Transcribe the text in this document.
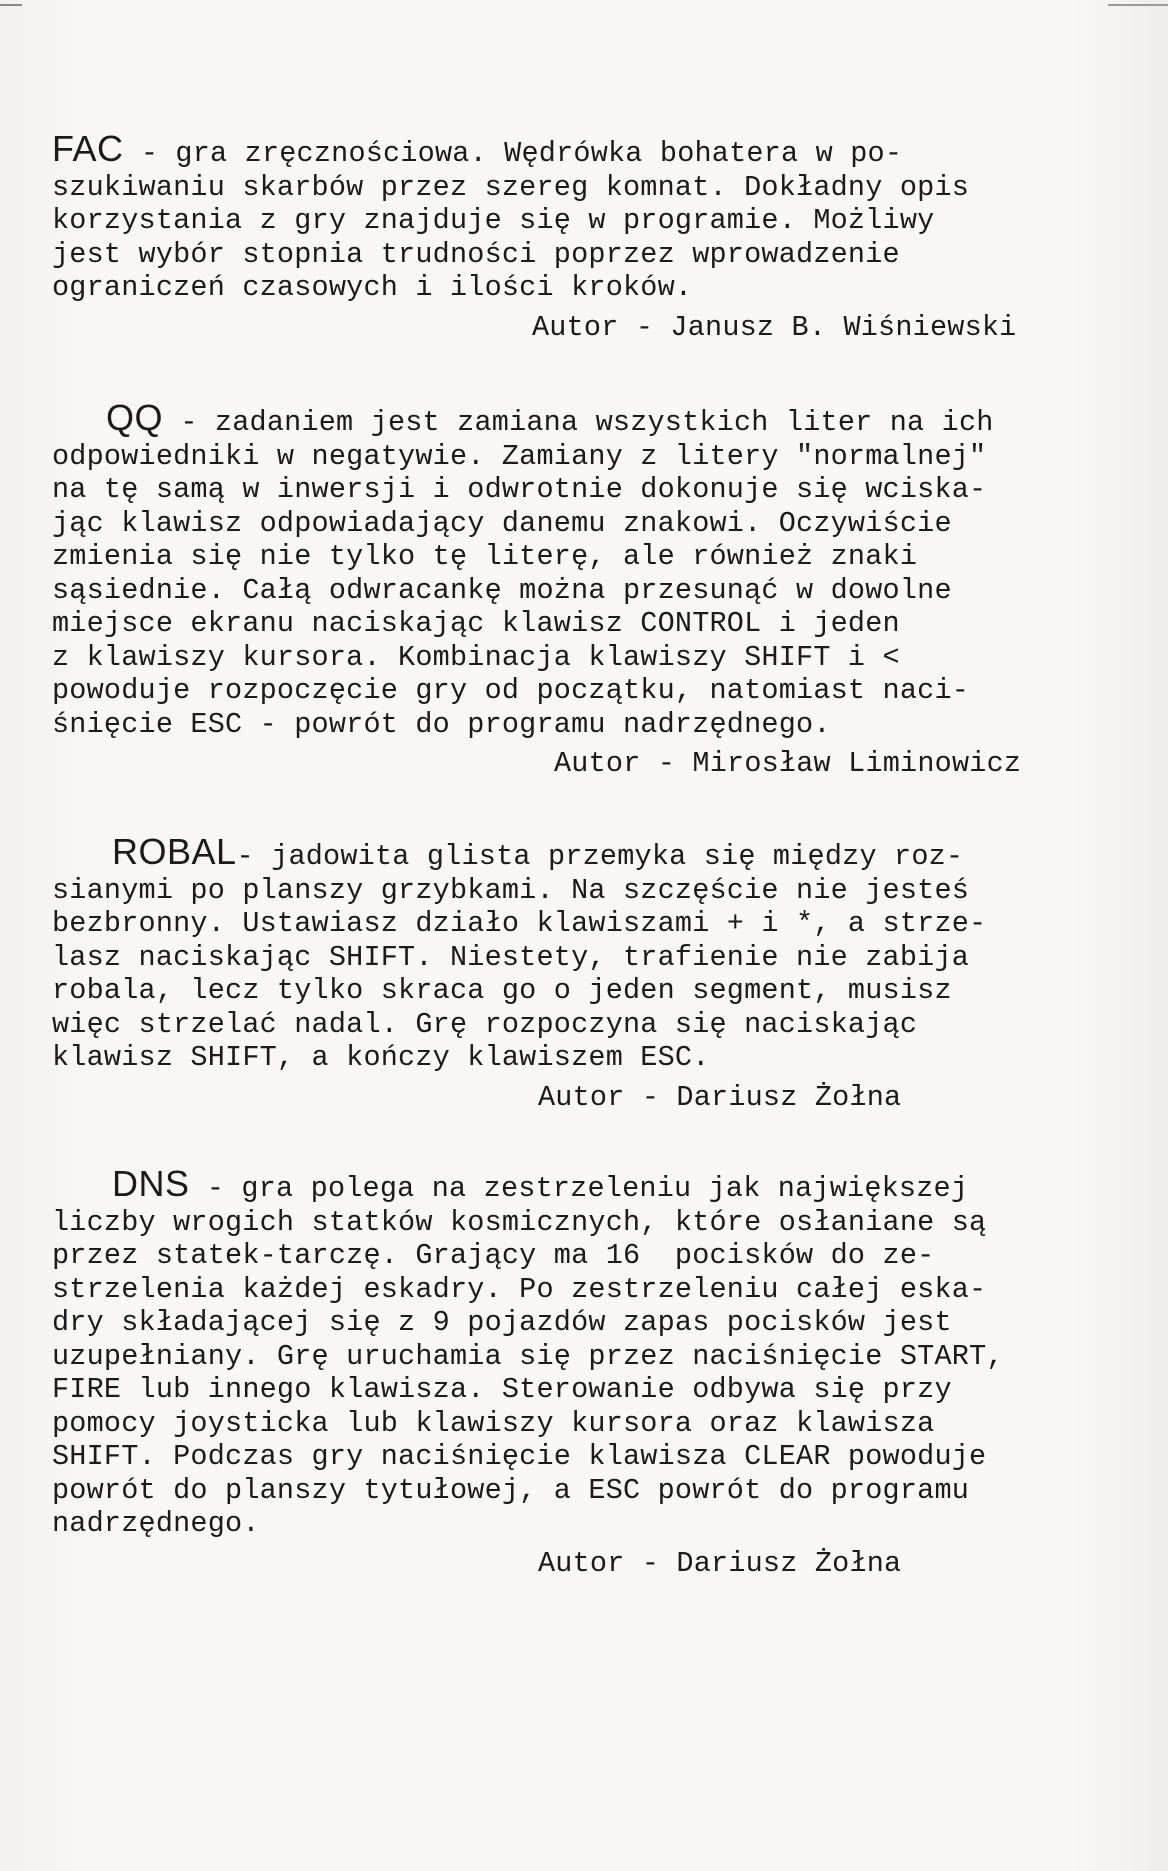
FAC - gra zręcznościowa. Wędrówka bohatera w po-

szukiwaniu skarbów przez szereg komnat. Dokładny opis

korzystania z gry znajduje się w programie. Możliwy

jest wybór stopnia trudności poprzez wprowadzenie

ograniczeń czasowych i ilości kroków.

Autor - Janusz B. Wiśniewski

QQ - zadaniem jest zamiana wszystkich liter na ich

odpowiedniki w negatywie. Zamiany z litery "normalnej"

na tę samą w inwersji i odwrotnie dokonuje się wciska-

jąc klawisz odpowiadający danemu znakowi. Oczywiście

zmienia się nie tylko tę literę, ale również znaki

sąsiednie. Całą odwracankę można przesunąć w dowolne

miejsce ekranu naciskając klawisz CONTROL i jeden

z klawiszy kursora. Kombinacja klawiszy SHIFT i <

powoduje rozpoczęcie gry od początku, natomiast naci-

śnięcie ESC - powrót do programu nadrzędnego.

Autor - Mirosław Liminowicz

ROBAL- jadowita glista przemyka się między roz-

sianymi po planszy grzybkami. Na szczęście nie jesteś

bezbronny. Ustawiasz działo klawiszami + i *, a strze-

lasz naciskając SHIFT. Niestety, trafienie nie zabija

robala, lecz tylko skraca go o jeden segment, musisz

więc strzelać nadal. Grę rozpoczyna się naciskając

klawisz SHIFT, a kończy klawiszem ESC.

Autor - Dariusz Żołna

DNS - gra polega na zestrzeleniu jak największej

liczby wrogich statków kosmicznych, które osłaniane są

przez statek-tarczę. Grający ma 16  pocisków do ze-

strzelenia każdej eskadry. Po zestrzeleniu całej eska-

dry składającej się z 9 pojazdów zapas pocisków jest

uzupełniany. Grę uruchamia się przez naciśnięcie START,

FIRE lub innego klawisza. Sterowanie odbywa się przy

pomocy joysticka lub klawiszy kursora oraz klawisza

SHIFT. Podczas gry naciśnięcie klawisza CLEAR powoduje

powrót do planszy tytułowej, a ESC powrót do programu

nadrzędnego.

Autor - Dariusz Żołna
